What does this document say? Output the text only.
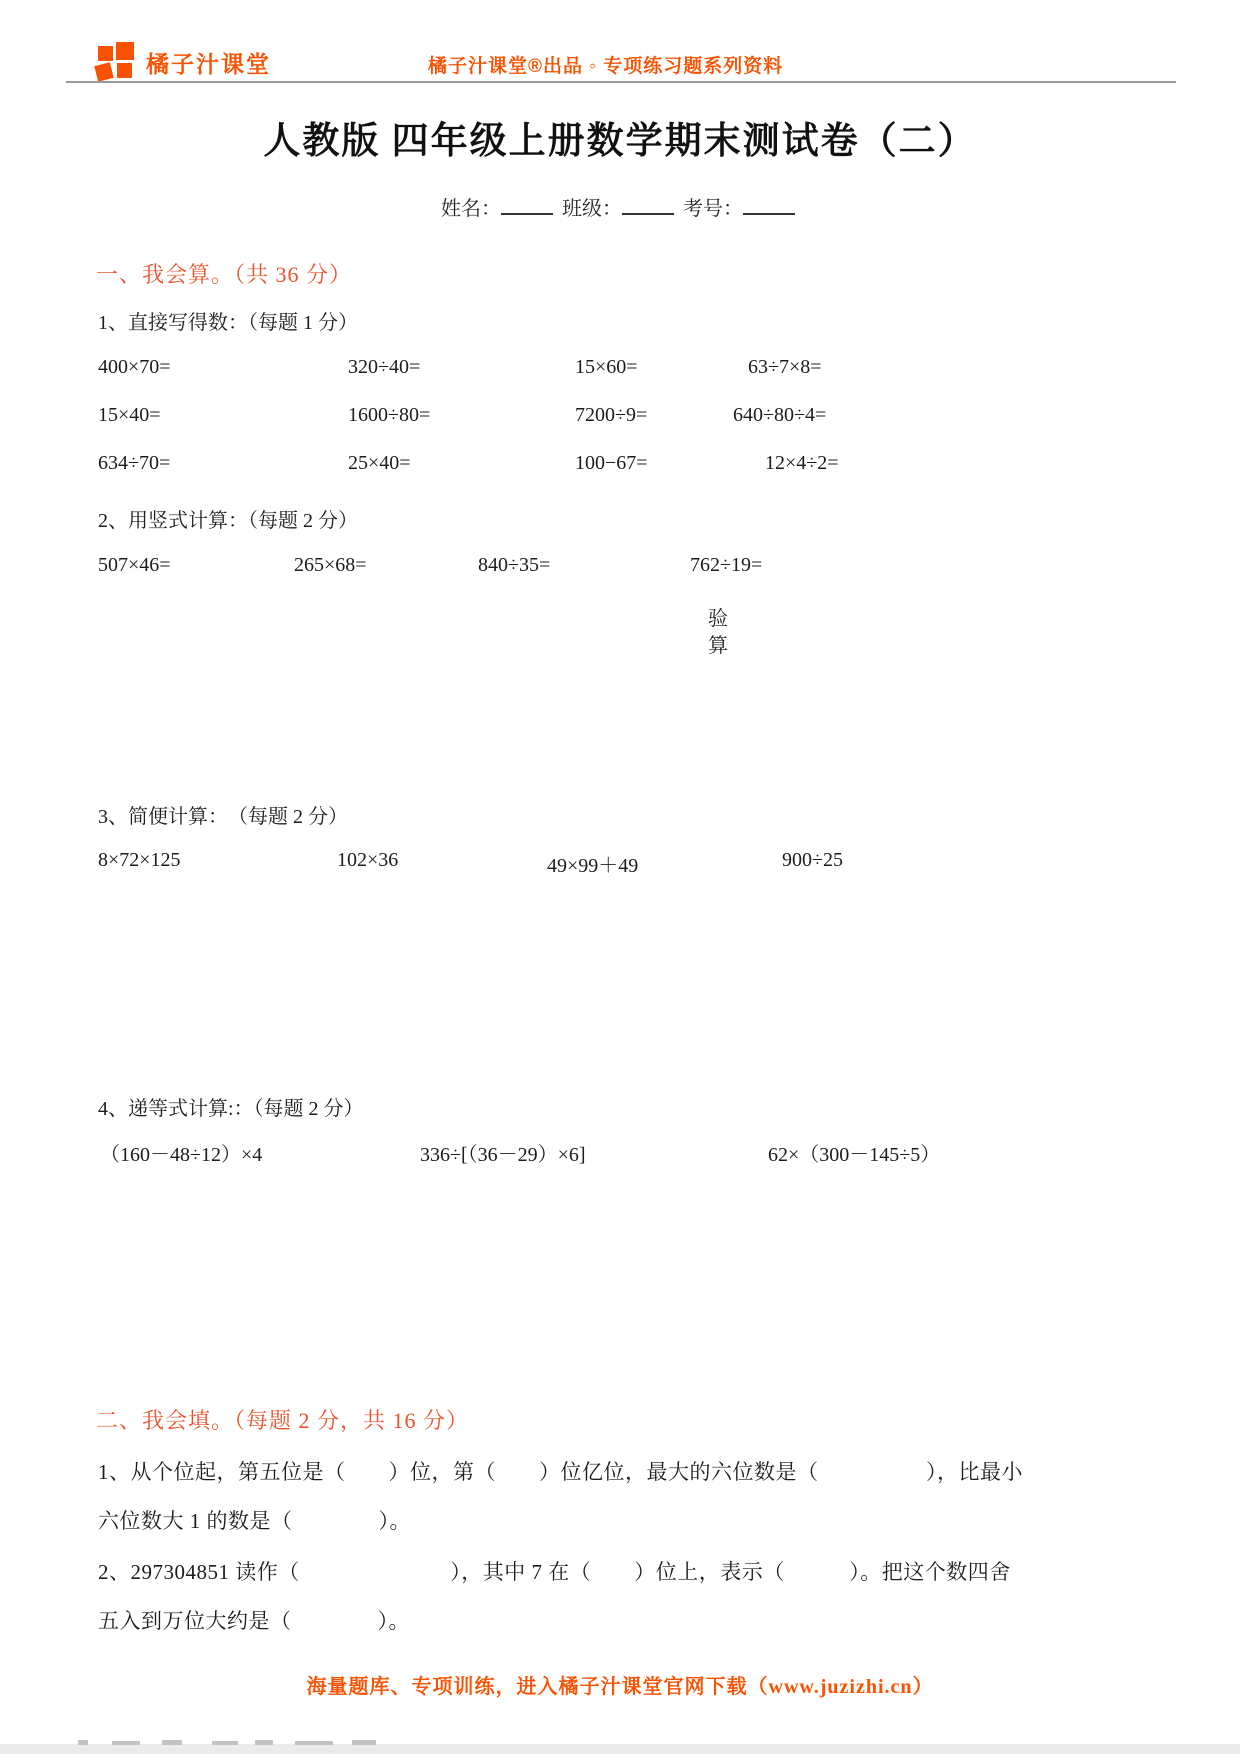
橘子汁课堂	橘子汁课堂®出品 ◦ 专项练习题系列资料
人教版 四年级上册数学期末测试卷（二）
姓名：	班级：	考号：
一、我会算。（共 36 分）
1、直接写得数：（每题 1 分）
400×70=	320÷40=	15×60=	63÷7×8=
15×40=	1600÷80=	7200÷9=	640÷80÷4=
634÷70=	25×40=	100−67=	12×4÷2=
2、用竖式计算：（每题 2 分）
507×46=	265×68=	840÷35=	762÷19=
验算
3、简便计算：　（每题 2 分）
8×72×125	102×36	49×99＋49	900÷25
4、递等式计算:：（每题 2 分）
（160－48÷12）×4	336÷[（36－29）×6]	62×（300－145÷5）
二、我会填。（每题 2 分，共 16 分）
1、从个位起，第五位是（　　）位，第（　　）位亿位，最大的六位数是（　　　　　），比最小
六位数大 1 的数是（　　　　）。
2、297304851 读作（　　　　　　　），其中 7 在（　　）位上，表示（　　　）。把这个数四舍
五入到万位大约是（　　　　）。
海量题库、专项训练，进入橘子汁课堂官网下载（www.juzizhi.cn）
